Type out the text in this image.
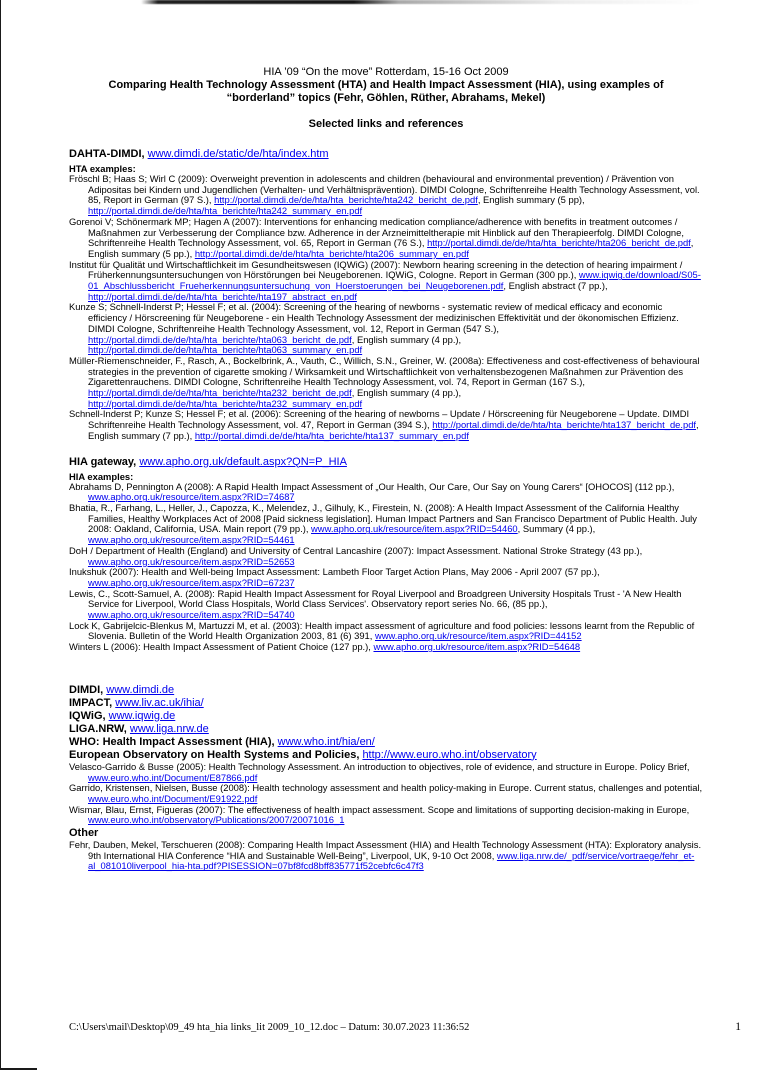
HIA ’09 “On the move” Rotterdam, 15-16 Oct 2009
Comparing Health Technology Assessment (HTA) and Health Impact Assessment (HIA), using examples of
“borderland” topics (Fehr, Göhlen, Rüther, Abrahams, Mekel)
Selected links and references
DAHTA-DIMDI, www.dimdi.de/static/de/hta/index.htm
HTA examples:

Fröschl B; Haas S; Wirl C (2009): Overweight prevention in adolescents and children (behavioural and environmental prevention) / Prävention von Adipositas bei Kindern und Jugendlichen (Verhalten- und Verhältnisprävention). DIMDI Cologne, Schriftenreihe Health Technology Assessment, vol. 85, Report in German (97 S.), http://portal.dimdi.de/de/hta/hta_berichte/hta242_bericht_de.pdf, English summary (5 pp), http://portal.dimdi.de/de/hta/hta_berichte/hta242_summary_en.pdf

Gorenoi V; Schönermark MP; Hagen A (2007): Interventions for enhancing medication compliance/adherence with benefits in treatment outcomes / Maßnahmen zur Verbesserung der Compliance bzw. Adherence in der Arzneimitteltherapie mit Hinblick auf den Therapieerfolg. DIMDI Cologne, Schriftenreihe Health Technology Assessment, vol. 65, Report in German (76 S.), http://portal.dimdi.de/de/hta/hta_berichte/hta206_bericht_de.pdf, English summary (5 pp.), http://portal.dimdi.de/de/hta/hta_berichte/hta206_summary_en.pdf

Institut für Qualität und Wirtschaftlichkeit im Gesundheitswesen (IQWiG) (2007): Newborn hearing screening in the detection of hearing impairment / Früherkennungsuntersuchungen von Hörstörungen bei Neugeborenen. IQWiG, Cologne. Report in German (300 pp.), www.iqwig.de/download/S05-01_Abschlussbericht_Frueherkennungsuntersuchung_von_Hoerstoerungen_bei_Neugeborenen.pdf, English abstract (7 pp.), http://portal.dimdi.de/de/hta/hta_berichte/hta197_abstract_en.pdf

Kunze S; Schnell-Inderst P; Hessel F; et al. (2004): Screening of the hearing of newborns - systematic review of medical efficacy and economic efficiency / Hörscreening für Neugeborene - ein Health Technology Assessment der medizinischen Effektivität und der ökonomischen Effizienz. DIMDI Cologne, Schriftenreihe Health Technology Assessment, vol. 12, Report in German (547 S.), http://portal.dimdi.de/de/hta/hta_berichte/hta063_bericht_de.pdf, English summary (4 pp.), http://portal.dimdi.de/de/hta/hta_berichte/hta063_summary_en.pdf

Müller-Riemenschneider, F., Rasch, A., Bockelbrink, A., Vauth, C., Willich, S.N., Greiner, W. (2008a): Effectiveness and cost-effectiveness of behavioural strategies in the prevention of cigarette smoking / Wirksamkeit und Wirtschaftlichkeit von verhaltensbezogenen Maßnahmen zur Prävention des Zigarettenrauchens. DIMDI Cologne, Schriftenreihe Health Technology Assessment, vol. 74, Report in German (167 S.), http://portal.dimdi.de/de/hta/hta_berichte/hta232_bericht_de.pdf, English summary (4 pp.), http://portal.dimdi.de/de/hta/hta_berichte/hta232_summary_en.pdf

Schnell-Inderst P; Kunze S; Hessel F; et al. (2006): Screening of the hearing of newborns – Update / Hörscreening für Neugeborene – Update. DIMDI Schriftenreihe Health Technology Assessment, vol. 47, Report in German (394 S.), http://portal.dimdi.de/de/hta/hta_berichte/hta137_bericht_de.pdf, English summary (7 pp.), http://portal.dimdi.de/de/hta/hta_berichte/hta137_summary_en.pdf

HIA gateway, www.apho.org.uk/default.aspx?QN=P_HIA
HIA examples:

Abrahams D, Pennington A (2008): A Rapid Health Impact Assessment of „Our Health, Our Care, Our Say on Young Carers“ [OHOCOS] (112 pp.), www.apho.org.uk/resource/item.aspx?RID=74687

Bhatia, R., Farhang, L., Heller, J., Capozza, K., Melendez, J., Gilhuly, K., Firestein, N. (2008): A Health Impact Assessment of the California Healthy Families, Healthy Workplaces Act of 2008 [Paid sickness legislation]. Human Impact Partners and San Francisco Department of Public Health. July 2008: Oakland, California, USA. Main report (79 pp.), www.apho.org.uk/resource/item.aspx?RID=54460, Summary (4 pp.), www.apho.org.uk/resource/item.aspx?RID=54461

DoH / Department of Health (England) and University of Central Lancashire (2007): Impact Assessment. National Stroke Strategy (43 pp.), www.apho.org.uk/resource/item.aspx?RID=52653

Inukshuk (2007): Health and Well-being Impact Assessment: Lambeth Floor Target Action Plans, May 2006 - April 2007 (57 pp.), www.apho.org.uk/resource/item.aspx?RID=67237

Lewis, C., Scott-Samuel, A. (2008): Rapid Health Impact Assessment for Royal Liverpool and Broadgreen University Hospitals Trust - 'A New Health Service for Liverpool, World Class Hospitals, World Class Services'. Observatory report series No. 66, (85 pp.), www.apho.org.uk/resource/item.aspx?RID=54740

Lock K, Gabrijelcic-Blenkus M, Martuzzi M, et al. (2003): Health impact assessment of agriculture and food policies: lessons learnt from the Republic of Slovenia. Bulletin of the World Health Organization 2003, 81 (6) 391, www.apho.org.uk/resource/item.aspx?RID=44152

Winters L (2006): Health Impact Assessment of Patient Choice (127 pp.), www.apho.org.uk/resource/item.aspx?RID=54648

DIMDI, www.dimdi.de
IMPACT, www.liv.ac.uk/ihia/
IQWiG, www.iqwig.de
LIGA.NRW, www.liga.nrw.de
WHO: Health Impact Assessment (HIA), www.who.int/hia/en/
European Observatory on Health Systems and Policies, http://www.euro.who.int/observatory

Velasco-Garrido & Busse (2005): Health Technology Assessment. An introduction to objectives, role of evidence, and structure in Europe. Policy Brief, www.euro.who.int/Document/E87866.pdf

Garrido, Kristensen, Nielsen, Busse (2008): Health technology assessment and health policy-making in Europe. Current status, challenges and potential, www.euro.who.int/Document/E91922.pdf

Wismar, Blau, Ernst, Figueras (2007): The effectiveness of health impact assessment. Scope and limitations of supporting decision-making in Europe, www.euro.who.int/observatory/Publications/2007/20071016_1

Other

Fehr, Dauben, Mekel, Terschueren (2008): Comparing Health Impact Assessment (HIA) and Health Technology Assessment (HTA): Exploratory analysis. 9th International HIA Conference “HIA and Sustainable Well-Being”, Liverpool, UK, 9-10 Oct 2008, www.liga.nrw.de/_pdf/service/vortraege/fehr_et-al_081010liverpool_hia-hta.pdf?PISESSION=07bf8fcd8bff835771f52cebfc6c47f3

C:\Users\mail\Desktop\09_49 hta_hia links_lit 2009_10_12.doc – Datum: 30.07.2023 11:36:52	1
